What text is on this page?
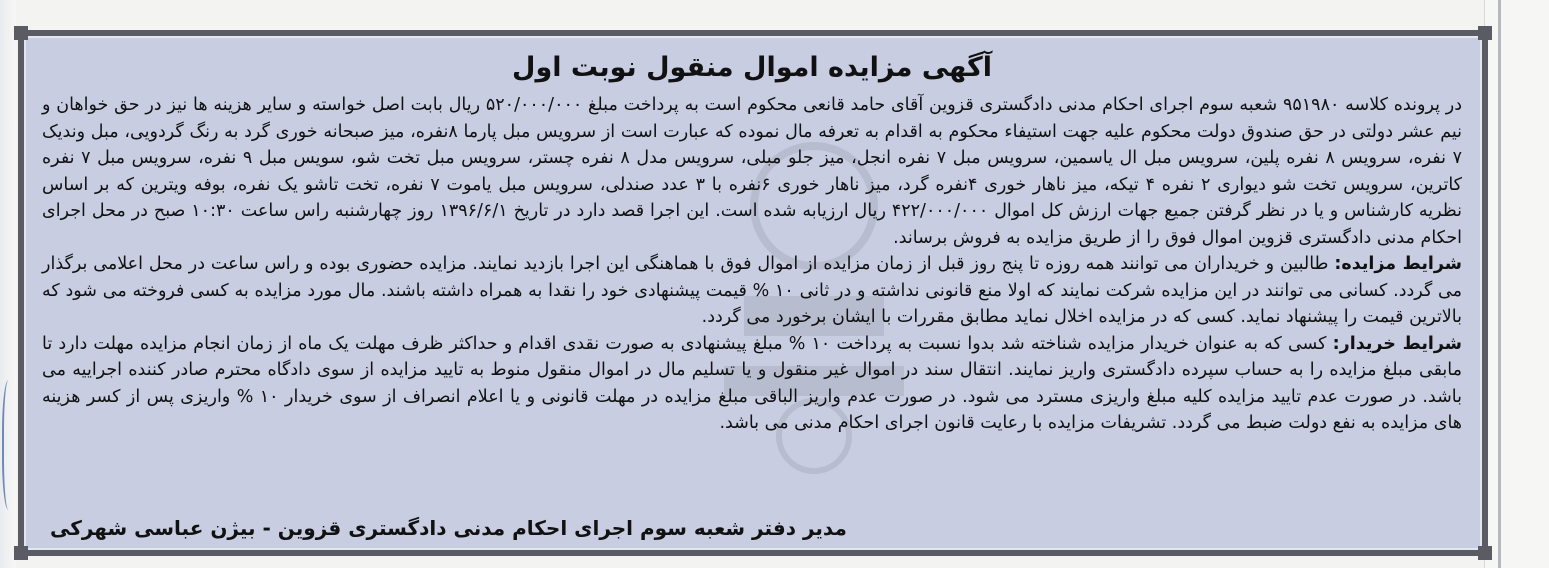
آگهی مزایده اموال منقول نوبت اول

در پرونده کلاسه ۹۵۱۹۸۰ شعبه سوم اجرای احکام مدنی دادگستری قزوین آقای حامد قانعی محکوم است به پرداخت مبلغ ۵۲۰/۰۰۰/۰۰۰ ریال بابت اصل خواسته و سایر هزینه ها نیز در حق خواهان و نیم عشر دولتی در حق صندوق دولت محکوم علیه جهت استیفاء محکوم به اقدام به تعرفه مال نموده که عبارت است از سرویس مبل پارما ۸نفره، میز صبحانه خوری گرد به رنگ گردویی، مبل وندیک ۷ نفره، سرویس ۸ نفره پلین، سرویس مبل ال یاسمین، سرویس مبل ۷ نفره انجل، میز جلو مبلی، سرویس مدل ۸ نفره چستر، سرویس مبل تخت شو، سویس مبل ۹ نفره، سرویس مبل ۷ نفره کاترین، سرویس تخت شو دیواری ۲ نفره ۴ تیکه، میز ناهار خوری ۴نفره گرد، میز ناهار خوری ۶نفره با ۳ عدد صندلی، سرویس مبل یاموت ۷ نفره، تخت تاشو یک نفره، بوفه ویترین که بر اساس نظریه کارشناس و یا در نظر گرفتن جمیع جهات ارزش کل اموال ۴۲۲/۰۰۰/۰۰۰ ریال ارزیابه شده است. این اجرا قصد دارد در تاریخ ۱۳۹۶/۶/۱ روز چهارشنبه راس ساعت ۱۰:۳۰ صبح در محل اجرای احکام مدنی دادگستری قزوین اموال فوق را از طریق مزایده به فروش برساند.

شرایط مزایده: طالبین و خریداران می توانند همه روزه تا پنج روز قبل از زمان مزایده از اموال فوق با هماهنگی این اجرا بازدید نمایند. مزایده حضوری بوده و راس ساعت در محل اعلامی برگذار می گردد. کسانی می توانند در این مزایده شرکت نمایند که اولا منع قانونی نداشته و در ثانی ۱۰ % قیمت پیشنهادی خود را نقدا به همراه داشته باشند. مال مورد مزایده به کسی فروخته می شود که بالاترین قیمت را پیشنهاد نماید. کسی که در مزایده اخلال نماید مطابق مقررات با ایشان برخورد می گردد.

شرایط خریدار: کسی که به عنوان خریدار مزایده شناخته شد بدوا نسبت به پرداخت ۱۰ % مبلغ پیشنهادی به صورت نقدی اقدام و حداکثر ظرف مهلت یک ماه از زمان انجام مزایده مهلت دارد تا مابقی مبلغ مزایده را به حساب سپرده دادگستری واریز نمایند. انتقال سند در اموال غیر منقول و یا تسلیم مال در اموال منقول منوط به تایید مزایده از سوی دادگاه محترم صادر کننده اجراییه می باشد. در صورت عدم تایید مزایده کلیه مبلغ واریزی مسترد می شود. در صورت عدم واریز الباقی مبلغ مزایده در مهلت قانونی و یا اعلام انصراف از سوی خریدار ۱۰ % واریزی پس از کسر هزینه های مزایده به نفع دولت ضبط می گردد. تشریفات مزایده با رعایت قانون اجرای احکام مدنی می باشد.

مدیر دفتر شعبه سوم اجرای احکام مدنی دادگستری قزوین - بیژن عباسی شهرکی
